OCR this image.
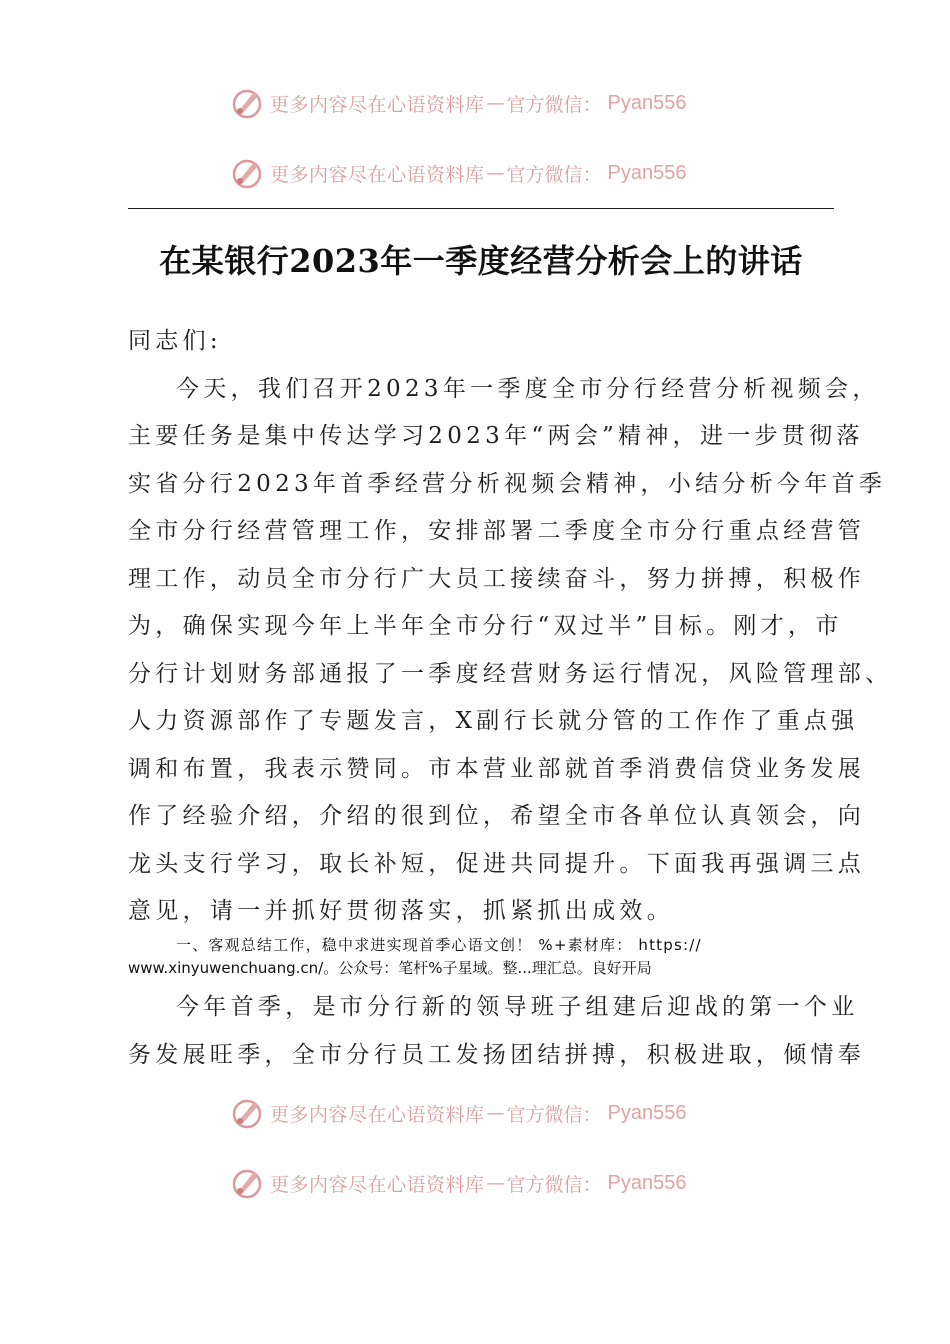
更多内容尽在心语资料库 — 官方微信： Pyan556
更多内容尽在心语资料库 — 官方微信： Pyan556
在某银行2023年一季度经营分析会上的讲话
同志们:
今天，我们召开2023年一季度全市分行经营分析视频会，
主要任务是集中传达学习2023年“两会”精神，进一步贯彻落
实省分行2023年首季经营分析视频会精神，小结分析今年首季
全市分行经营管理工作，安排部署二季度全市分行重点经营管
理工作，动员全市分行广大员工接续奋斗，努力拼搏，积极作
为，确保实现今年上半年全市分行“双过半”目标。刚才，市
分行计划财务部通报了一季度经营财务运行情况，风险管理部、
人力资源部作了专题发言，X副行长就分管的工作作了重点强
调和布置，我表示赞同。市本营业部就首季消费信贷业务发展
作了经验介绍，介绍的很到位，希望全市各单位认真领会，向
龙头支行学习，取长补短，促进共同提升。下面我再强调三点
意见，请一并抓好贯彻落实，抓紧抓出成效。
一、客观总结工作，稳中求进实现首季心语文创！ %+素材库： https://
www.xinyuwenchuang.cn/。公众号：笔杆%子星域。整...理汇总。良好开局
今年首季，是市分行新的领导班子组建后迎战的第一个业
务发展旺季，全市分行员工发扬团结拼搏，积极进取，倾情奉
更多内容尽在心语资料库 — 官方微信： Pyan556
更多内容尽在心语资料库 — 官方微信： Pyan556
